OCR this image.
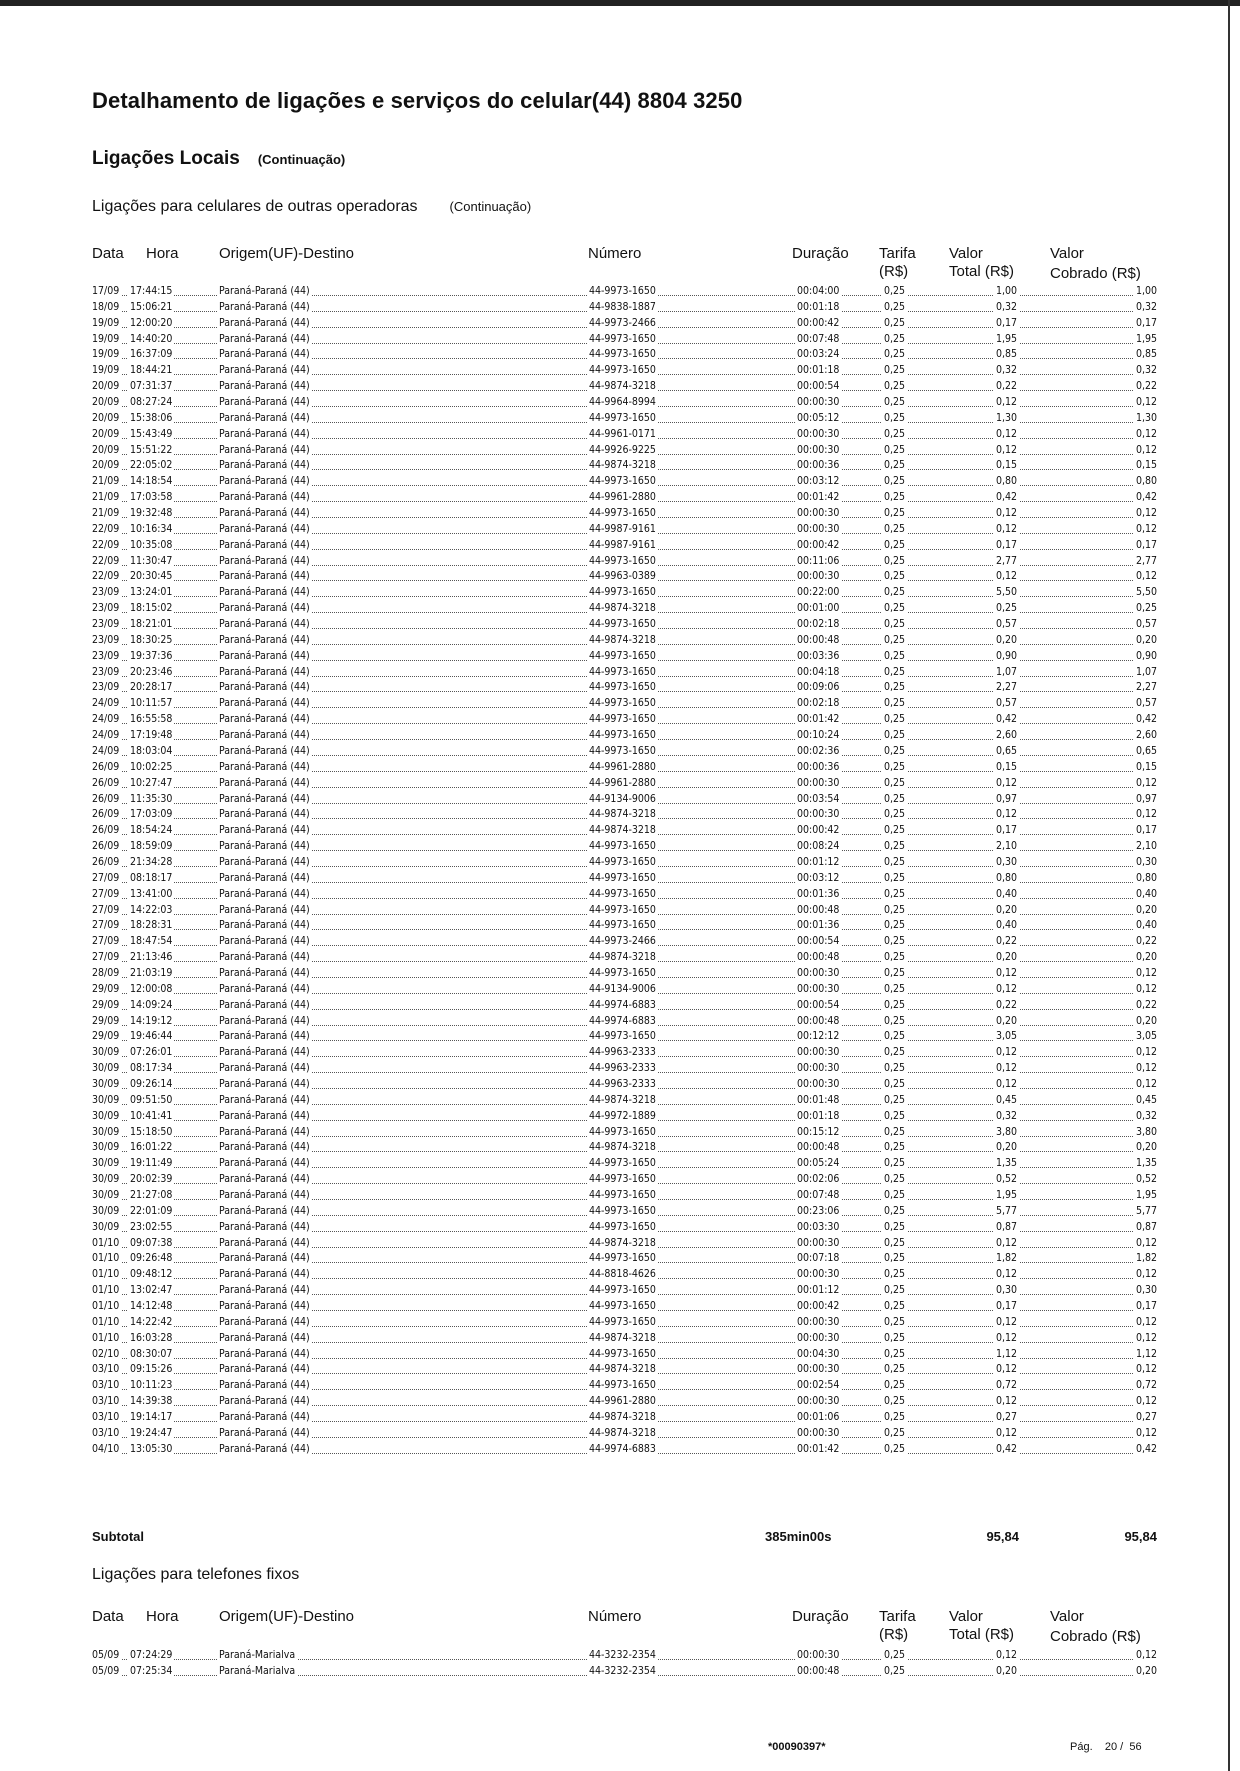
Detalhamento de ligações e serviços do celular(44) 8804 3250
Ligações Locais (Continuação)
Ligações para celulares de outras operadoras (Continuação)
Data Hora	Origem(UF)-Destino	Número	Duração Tarifa
(R$)
Valor
Total (R$)
Valor
Cobrado (R$)
17/09 17:44:15	Paraná-Paraná (44)	44-9973-1650	00:04:00	0,25	1,00	1,00
18/09 15:06:21	Paraná-Paraná (44)	44-9838-1887	00:01:18	0,25	0,32	0,32
19/09 12:00:20	Paraná-Paraná (44)	44-9973-2466	00:00:42	0,25	0,17	0,17
19/09 14:40:20	Paraná-Paraná (44)	44-9973-1650	00:07:48	0,25	1,95	1,95
19/09 16:37:09	Paraná-Paraná (44)	44-9973-1650	00:03:24	0,25	0,85	0,85
19/09 18:44:21	Paraná-Paraná (44)	44-9973-1650	00:01:18	0,25	0,32	0,32
20/09 07:31:37	Paraná-Paraná (44)	44-9874-3218	00:00:54	0,25	0,22	0,22
20/09 08:27:24	Paraná-Paraná (44)	44-9964-8994	00:00:30	0,25	0,12	0,12
20/09 15:38:06	Paraná-Paraná (44)	44-9973-1650	00:05:12	0,25	1,30	1,30
20/09 15:43:49	Paraná-Paraná (44)	44-9961-0171	00:00:30	0,25	0,12	0,12
20/09 15:51:22	Paraná-Paraná (44)	44-9926-9225	00:00:30	0,25	0,12	0,12
20/09 22:05:02	Paraná-Paraná (44)	44-9874-3218	00:00:36	0,25	0,15	0,15
21/09 14:18:54	Paraná-Paraná (44)	44-9973-1650	00:03:12	0,25	0,80	0,80
21/09 17:03:58	Paraná-Paraná (44)	44-9961-2880	00:01:42	0,25	0,42	0,42
21/09 19:32:48	Paraná-Paraná (44)	44-9973-1650	00:00:30	0,25	0,12	0,12
22/09 10:16:34	Paraná-Paraná (44)	44-9987-9161	00:00:30	0,25	0,12	0,12
22/09 10:35:08	Paraná-Paraná (44)	44-9987-9161	00:00:42	0,25	0,17	0,17
22/09 11:30:47	Paraná-Paraná (44)	44-9973-1650	00:11:06	0,25	2,77	2,77
22/09 20:30:45	Paraná-Paraná (44)	44-9963-0389	00:00:30	0,25	0,12	0,12
23/09 13:24:01	Paraná-Paraná (44)	44-9973-1650	00:22:00	0,25	5,50	5,50
23/09 18:15:02	Paraná-Paraná (44)	44-9874-3218	00:01:00	0,25	0,25	0,25
23/09 18:21:01	Paraná-Paraná (44)	44-9973-1650	00:02:18	0,25	0,57	0,57
23/09 18:30:25	Paraná-Paraná (44)	44-9874-3218	00:00:48	0,25	0,20	0,20
23/09 19:37:36	Paraná-Paraná (44)	44-9973-1650	00:03:36	0,25	0,90	0,90
23/09 20:23:46	Paraná-Paraná (44)	44-9973-1650	00:04:18	0,25	1,07	1,07
23/09 20:28:17	Paraná-Paraná (44)	44-9973-1650	00:09:06	0,25	2,27	2,27
24/09 10:11:57	Paraná-Paraná (44)	44-9973-1650	00:02:18	0,25	0,57	0,57
24/09 16:55:58	Paraná-Paraná (44)	44-9973-1650	00:01:42	0,25	0,42	0,42
24/09 17:19:48	Paraná-Paraná (44)	44-9973-1650	00:10:24	0,25	2,60	2,60
24/09 18:03:04	Paraná-Paraná (44)	44-9973-1650	00:02:36	0,25	0,65	0,65
26/09 10:02:25	Paraná-Paraná (44)	44-9961-2880	00:00:36	0,25	0,15	0,15
26/09 10:27:47	Paraná-Paraná (44)	44-9961-2880	00:00:30	0,25	0,12	0,12
26/09 11:35:30	Paraná-Paraná (44)	44-9134-9006	00:03:54	0,25	0,97	0,97
26/09 17:03:09	Paraná-Paraná (44)	44-9874-3218	00:00:30	0,25	0,12	0,12
26/09 18:54:24	Paraná-Paraná (44)	44-9874-3218	00:00:42	0,25	0,17	0,17
26/09 18:59:09	Paraná-Paraná (44)	44-9973-1650	00:08:24	0,25	2,10	2,10
26/09 21:34:28	Paraná-Paraná (44)	44-9973-1650	00:01:12	0,25	0,30	0,30
27/09 08:18:17	Paraná-Paraná (44)	44-9973-1650	00:03:12	0,25	0,80	0,80
27/09 13:41:00	Paraná-Paraná (44)	44-9973-1650	00:01:36	0,25	0,40	0,40
27/09 14:22:03	Paraná-Paraná (44)	44-9973-1650	00:00:48	0,25	0,20	0,20
27/09 18:28:31	Paraná-Paraná (44)	44-9973-1650	00:01:36	0,25	0,40	0,40
27/09 18:47:54	Paraná-Paraná (44)	44-9973-2466	00:00:54	0,25	0,22	0,22
27/09 21:13:46	Paraná-Paraná (44)	44-9874-3218	00:00:48	0,25	0,20	0,20
28/09 21:03:19	Paraná-Paraná (44)	44-9973-1650	00:00:30	0,25	0,12	0,12
29/09 12:00:08	Paraná-Paraná (44)	44-9134-9006	00:00:30	0,25	0,12	0,12
29/09 14:09:24	Paraná-Paraná (44)	44-9974-6883	00:00:54	0,25	0,22	0,22
29/09 14:19:12	Paraná-Paraná (44)	44-9974-6883	00:00:48	0,25	0,20	0,20
29/09 19:46:44	Paraná-Paraná (44)	44-9973-1650	00:12:12	0,25	3,05	3,05
30/09 07:26:01	Paraná-Paraná (44)	44-9963-2333	00:00:30	0,25	0,12	0,12
30/09 08:17:34	Paraná-Paraná (44)	44-9963-2333	00:00:30	0,25	0,12	0,12
30/09 09:26:14	Paraná-Paraná (44)	44-9963-2333	00:00:30	0,25	0,12	0,12
30/09 09:51:50	Paraná-Paraná (44)	44-9874-3218	00:01:48	0,25	0,45	0,45
30/09 10:41:41	Paraná-Paraná (44)	44-9972-1889	00:01:18	0,25	0,32	0,32
30/09 15:18:50	Paraná-Paraná (44)	44-9973-1650	00:15:12	0,25	3,80	3,80
30/09 16:01:22	Paraná-Paraná (44)	44-9874-3218	00:00:48	0,25	0,20	0,20
30/09 19:11:49	Paraná-Paraná (44)	44-9973-1650	00:05:24	0,25	1,35	1,35
30/09 20:02:39	Paraná-Paraná (44)	44-9973-1650	00:02:06	0,25	0,52	0,52
30/09 21:27:08	Paraná-Paraná (44)	44-9973-1650	00:07:48	0,25	1,95	1,95
30/09 22:01:09	Paraná-Paraná (44)	44-9973-1650	00:23:06	0,25	5,77	5,77
30/09 23:02:55	Paraná-Paraná (44)	44-9973-1650	00:03:30	0,25	0,87	0,87
01/10 09:07:38	Paraná-Paraná (44)	44-9874-3218	00:00:30	0,25	0,12	0,12
01/10 09:26:48	Paraná-Paraná (44)	44-9973-1650	00:07:18	0,25	1,82	1,82
01/10 09:48:12	Paraná-Paraná (44)	44-8818-4626	00:00:30	0,25	0,12	0,12
01/10 13:02:47	Paraná-Paraná (44)	44-9973-1650	00:01:12	0,25	0,30	0,30
01/10 14:12:48	Paraná-Paraná (44)	44-9973-1650	00:00:42	0,25	0,17	0,17
01/10 14:22:42	Paraná-Paraná (44)	44-9973-1650	00:00:30	0,25	0,12	0,12
01/10 16:03:28	Paraná-Paraná (44)	44-9874-3218	00:00:30	0,25	0,12	0,12
02/10 08:30:07	Paraná-Paraná (44)	44-9973-1650	00:04:30	0,25	1,12	1,12
03/10 09:15:26	Paraná-Paraná (44)	44-9874-3218	00:00:30	0,25	0,12	0,12
03/10 10:11:23	Paraná-Paraná (44)	44-9973-1650	00:02:54	0,25	0,72	0,72
03/10 14:39:38	Paraná-Paraná (44)	44-9961-2880	00:00:30	0,25	0,12	0,12
03/10 19:14:17	Paraná-Paraná (44)	44-9874-3218	00:01:06	0,25	0,27	0,27
03/10 19:24:47	Paraná-Paraná (44)	44-9874-3218	00:00:30	0,25	0,12	0,12
04/10 13:05:30	Paraná-Paraná (44)	44-9974-6883	00:01:42	0,25	0,42	0,42
Subtotal	385min00s	95,84	95,84
Ligações para telefones fixos
Data Hora	Origem(UF)-Destino	Número	Duração Tarifa
(R$)
Valor
Total (R$)
Valor
Cobrado (R$)
05/09 07:24:29	Paraná-Marialva	44-3232-2354	00:00:30	0,25	0,12	0,12
05/09 07:25:34	Paraná-Marialva	44-3232-2354	00:00:48	0,25	0,20	0,20
*00090397*	Pág. 20 / 56
